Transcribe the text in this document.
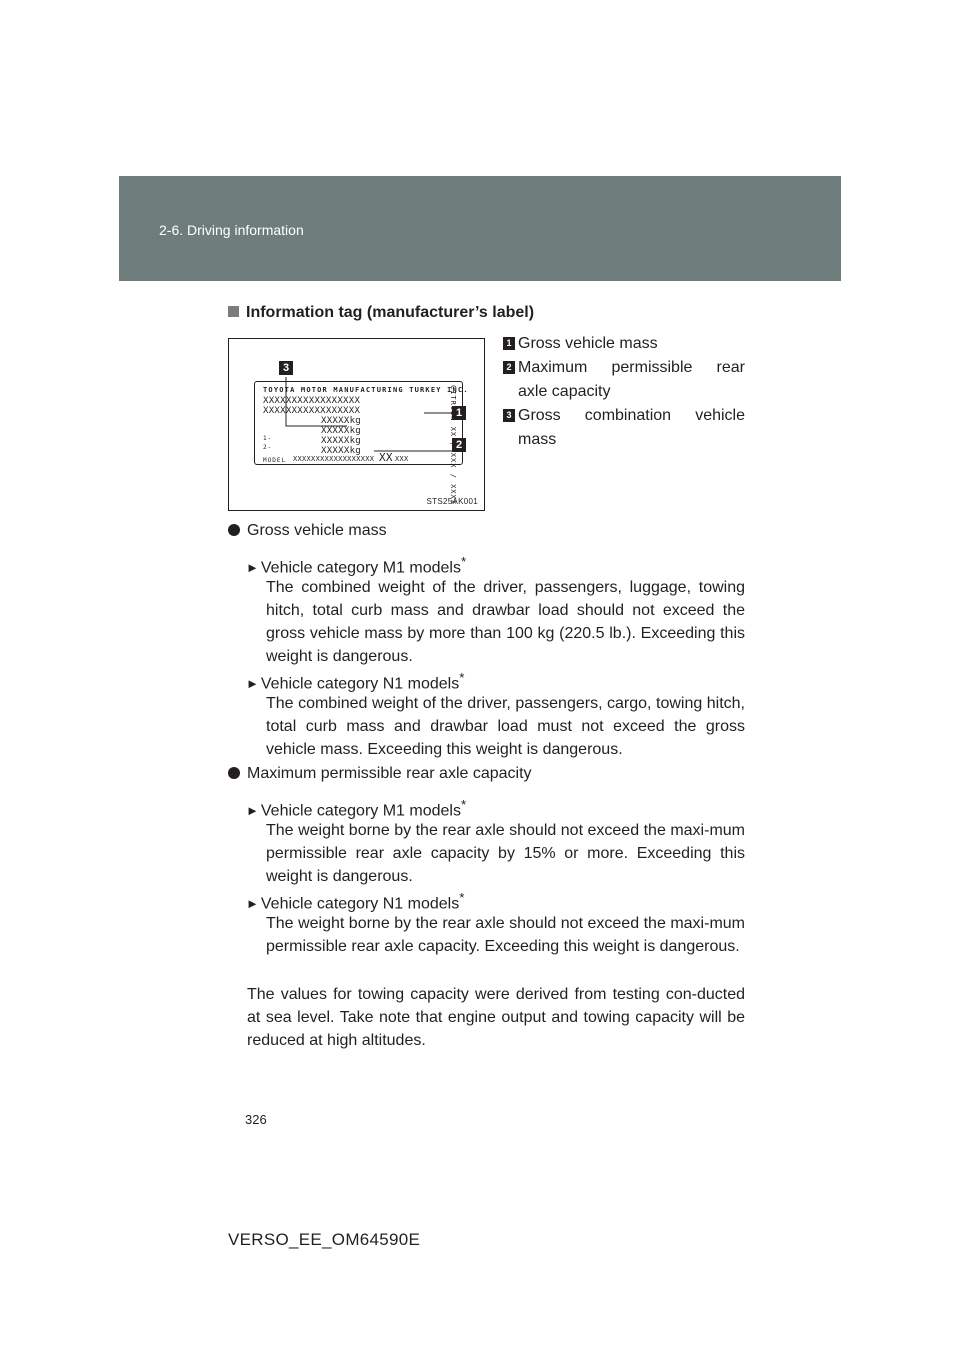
2-6. Driving information
Information tag (manufacturer’s label)
3
1
2
TOYOTA MOTOR MANUFACTURING TURKEY INC.
XXXXXXXXXXXXXXXXX
XXXXXXXXXXXXXXXXX
XXXXXkg
XXXXXkg
1-	XXXXXkg
2-	XXXXXkg
MODEL XXXXXXXXXXXXXXXXXX XX XXX	CITROEN XX / XXX / XXXX
STS25AK001
1 Gross vehicle mass
2 Maximum permissible rear
axle capacity
3 Gross combination vehicle
mass
Gross vehicle mass
► Vehicle category M1 models*
The combined weight of the driver, passengers, luggage, towing hitch, total curb mass and drawbar load should not exceed the gross vehicle mass by more than 100 kg (220.5 lb.). Exceeding this weight is dangerous.
► Vehicle category N1 models*
The combined weight of the driver, passengers, cargo, towing hitch, total curb mass and drawbar load must not exceed the gross vehicle mass. Exceeding this weight is dangerous.
Maximum permissible rear axle capacity
► Vehicle category M1 models*
The weight borne by the rear axle should not exceed the maxi-mum permissible rear axle capacity by 15% or more. Exceeding this weight is dangerous.
► Vehicle category N1 models*
The weight borne by the rear axle should not exceed the maxi-mum permissible rear axle capacity. Exceeding this weight is dangerous.
The values for towing capacity were derived from testing con-ducted at sea level. Take note that engine output and towing capacity will be reduced at high altitudes.
326
VERSO_EE_OM64590E
